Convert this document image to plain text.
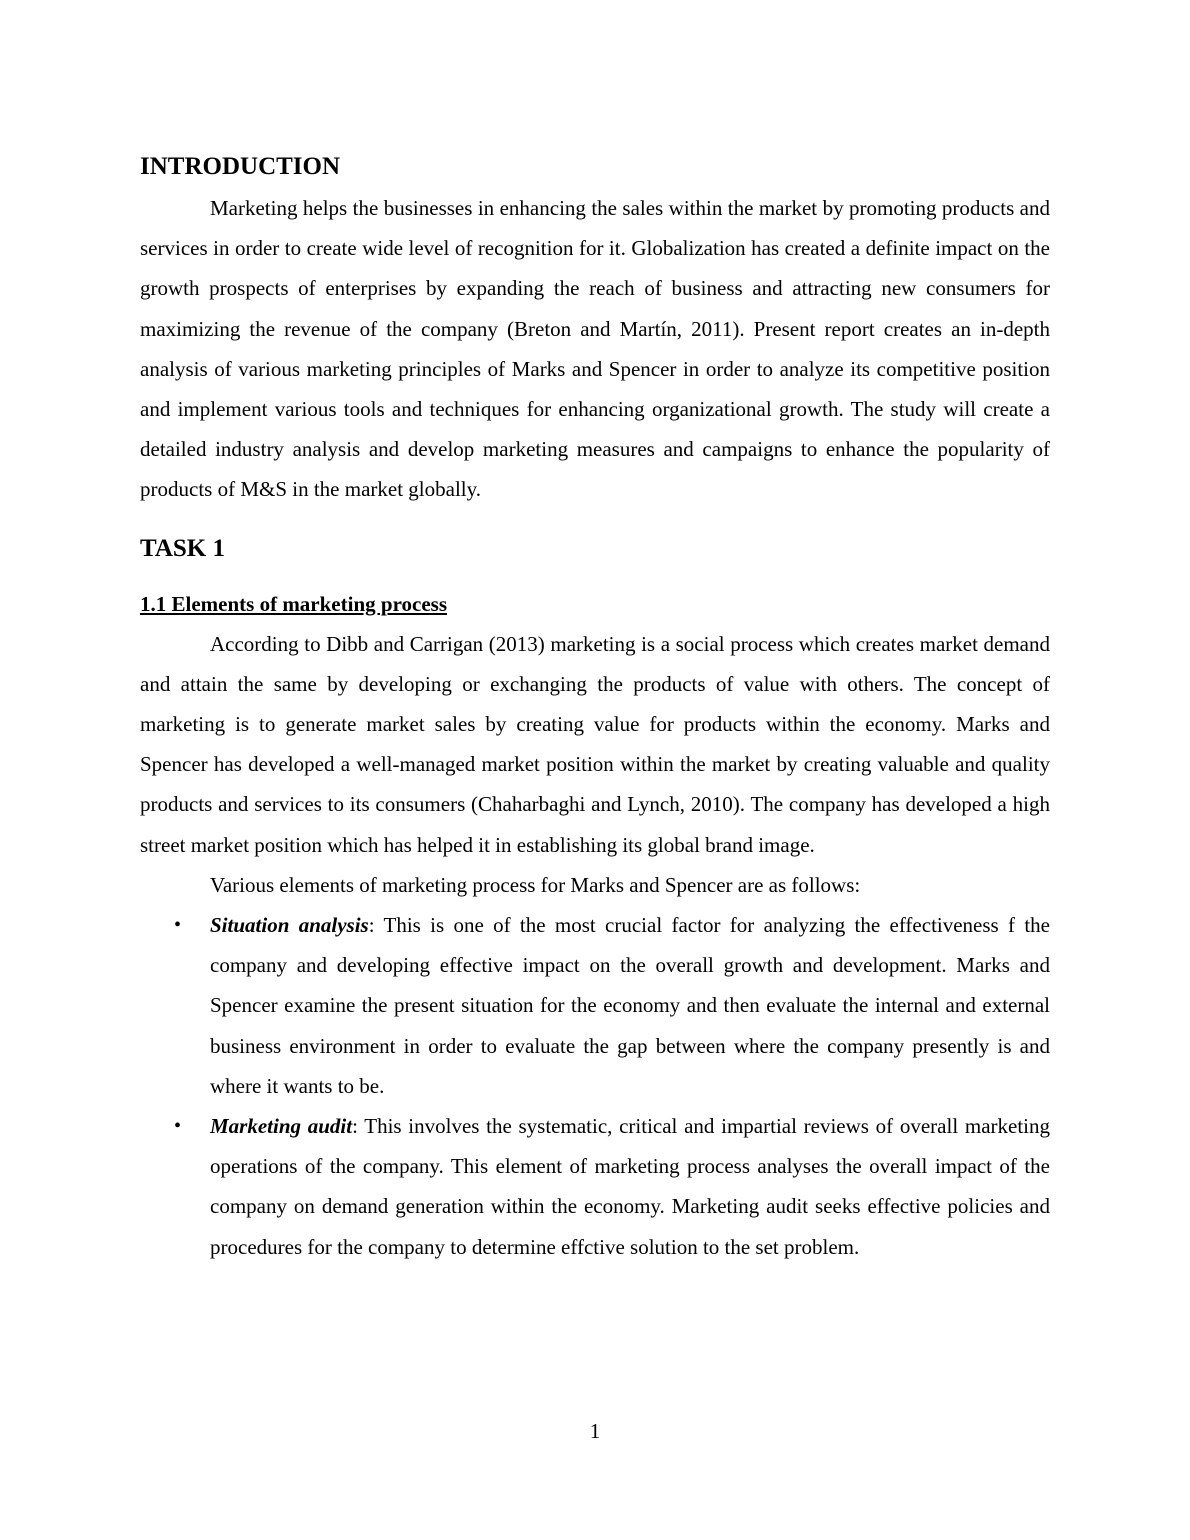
INTRODUCTION

Marketing helps the businesses in enhancing the sales within the market by promoting products and services in order to create wide level of recognition for it. Globalization has created a definite impact on the growth prospects of enterprises by expanding the reach of business and attracting new consumers for maximizing the revenue of the company (Breton and Martín, 2011). Present report creates an in-depth analysis of various marketing principles of Marks and Spencer in order to analyze its competitive position and implement various tools and techniques for enhancing organizational growth. The study will create a detailed industry analysis and develop marketing measures and campaigns to enhance the popularity of products of M&S in the market globally.

TASK 1
1.1 Elements of marketing process

According to Dibb and Carrigan (2013) marketing is a social process which creates market demand and attain the same by developing or exchanging the products of value with others. The concept of marketing is to generate market sales by creating value for products within the economy. Marks and Spencer has developed a well-managed market position within the market by creating valuable and quality products and services to its consumers (Chaharbaghi and Lynch, 2010). The company has developed a high street market position which has helped it in establishing its global brand image.

Various elements of marketing process for Marks and Spencer are as follows:

• Situation analysis: This is one of the most crucial factor for analyzing the effectiveness f the company and developing effective impact on the overall growth and development. Marks and Spencer examine the present situation for the economy and then evaluate the internal and external business environment in order to evaluate the gap between where the company presently is and where it wants to be.
• Marketing audit: This involves the systematic, critical and impartial reviews of overall marketing operations of the company. This element of marketing process analyses the overall impact of the company on demand generation within the economy. Marketing audit seeks effective policies and procedures for the company to determine effctive solution to the set problem.
1
